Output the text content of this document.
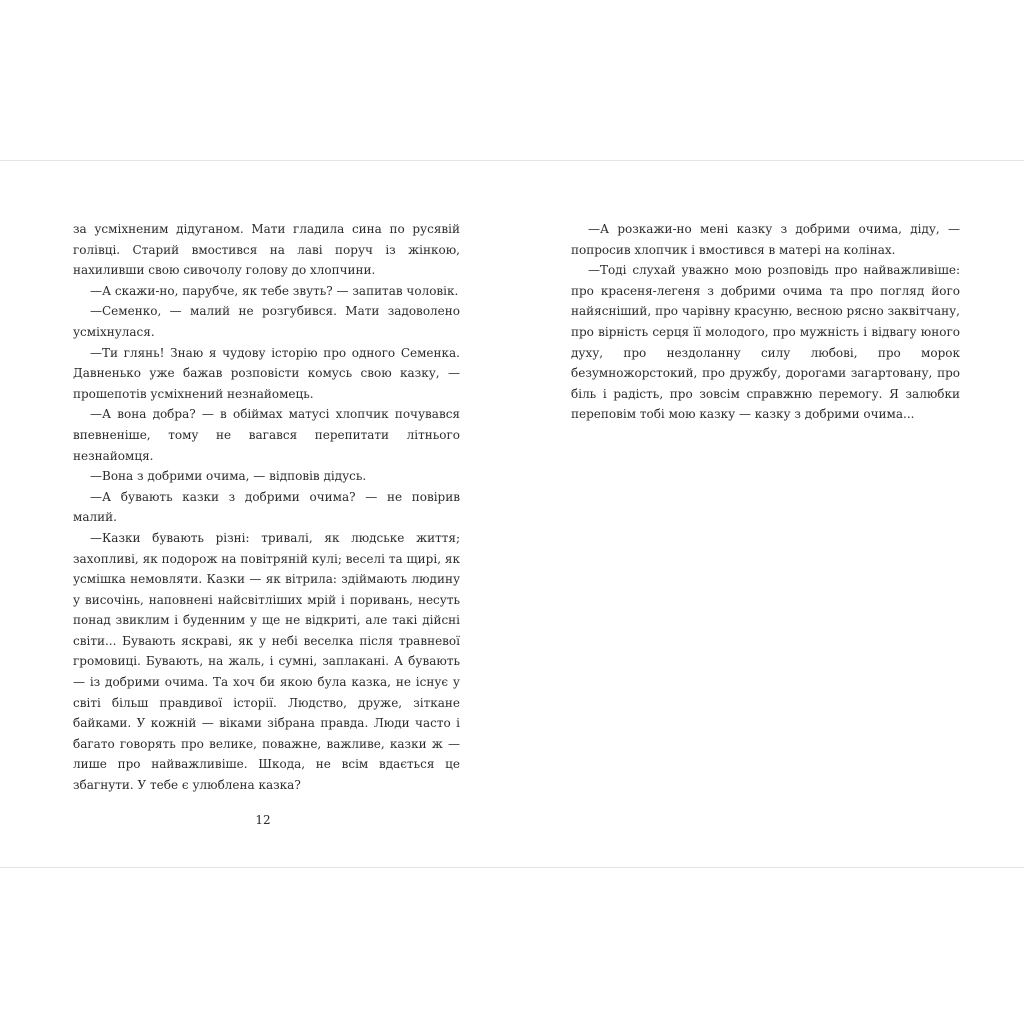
за усміхненим дідуганом. Мати гладила сина по русявій голівці. Старий вмостився на лаві поруч із жінкою, нахиливши свою сивочолу голову до хлопчини.

—А скажи-но, парубче, як тебе звуть? — запитав чоловік.

—Семенко, — малий не розгубився. Мати задоволено усміхнулася.

—Ти глянь! Знаю я чудову історію про одного Семенка. Давненько уже бажав розповісти комусь свою казку, — прошепотів усміхнений незнайомець.

—А вона добра? — в обіймах матусі хлопчик почувався впевненіше, тому не вагався перепитати літнього незнайомця.

—Вона з добрими очима, — відповів дідусь.

—А бувають казки з добрими очима? — не повірив малий.

—Казки бувають різні: тривалі, як людське життя; захопливі, як подорож на повітряній кулі; веселі та щирі, як усмішка немовляти. Казки — як вітрила: здіймають людину у височінь, наповнені найсвітліших мрій і поривань, несуть понад звиклим і буденним у ще не відкриті, але такі дійсні світи... Бувають яскраві, як у небі веселка після травневої громовиці. Бувають, на жаль, і сумні, заплакані. А бувають — із добрими очима. Та хоч би якою була казка, не існує у світі більш правдивої історії. Людство, друже, зіткане байками. У кожній — віками зібрана правда. Люди часто і багато говорять про велике, поважне, важливе, казки ж — лише про найважливіше. Шкода, не всім вдається це збагнути. У тебе є улюблена казка?

12

—А розкажи-но мені казку з добрими очима, діду, — попросив хлопчик і вмостився в матері на колінах.

—Тоді слухай уважно мою розповідь про найважливіше: про красеня-легеня з добрими очима та про погляд його найясніший, про чарівну красуню, весною рясно заквітчану, про вірність серця її молодого, про мужність і відвагу юного духу, про нездоланну силу любові, про морок безумножорстокий, про дружбу, дорогами загартовану, про біль і радість, про зовсім справжню перемогу. Я залюбки переповім тобі мою казку — казку з добрими очима...
